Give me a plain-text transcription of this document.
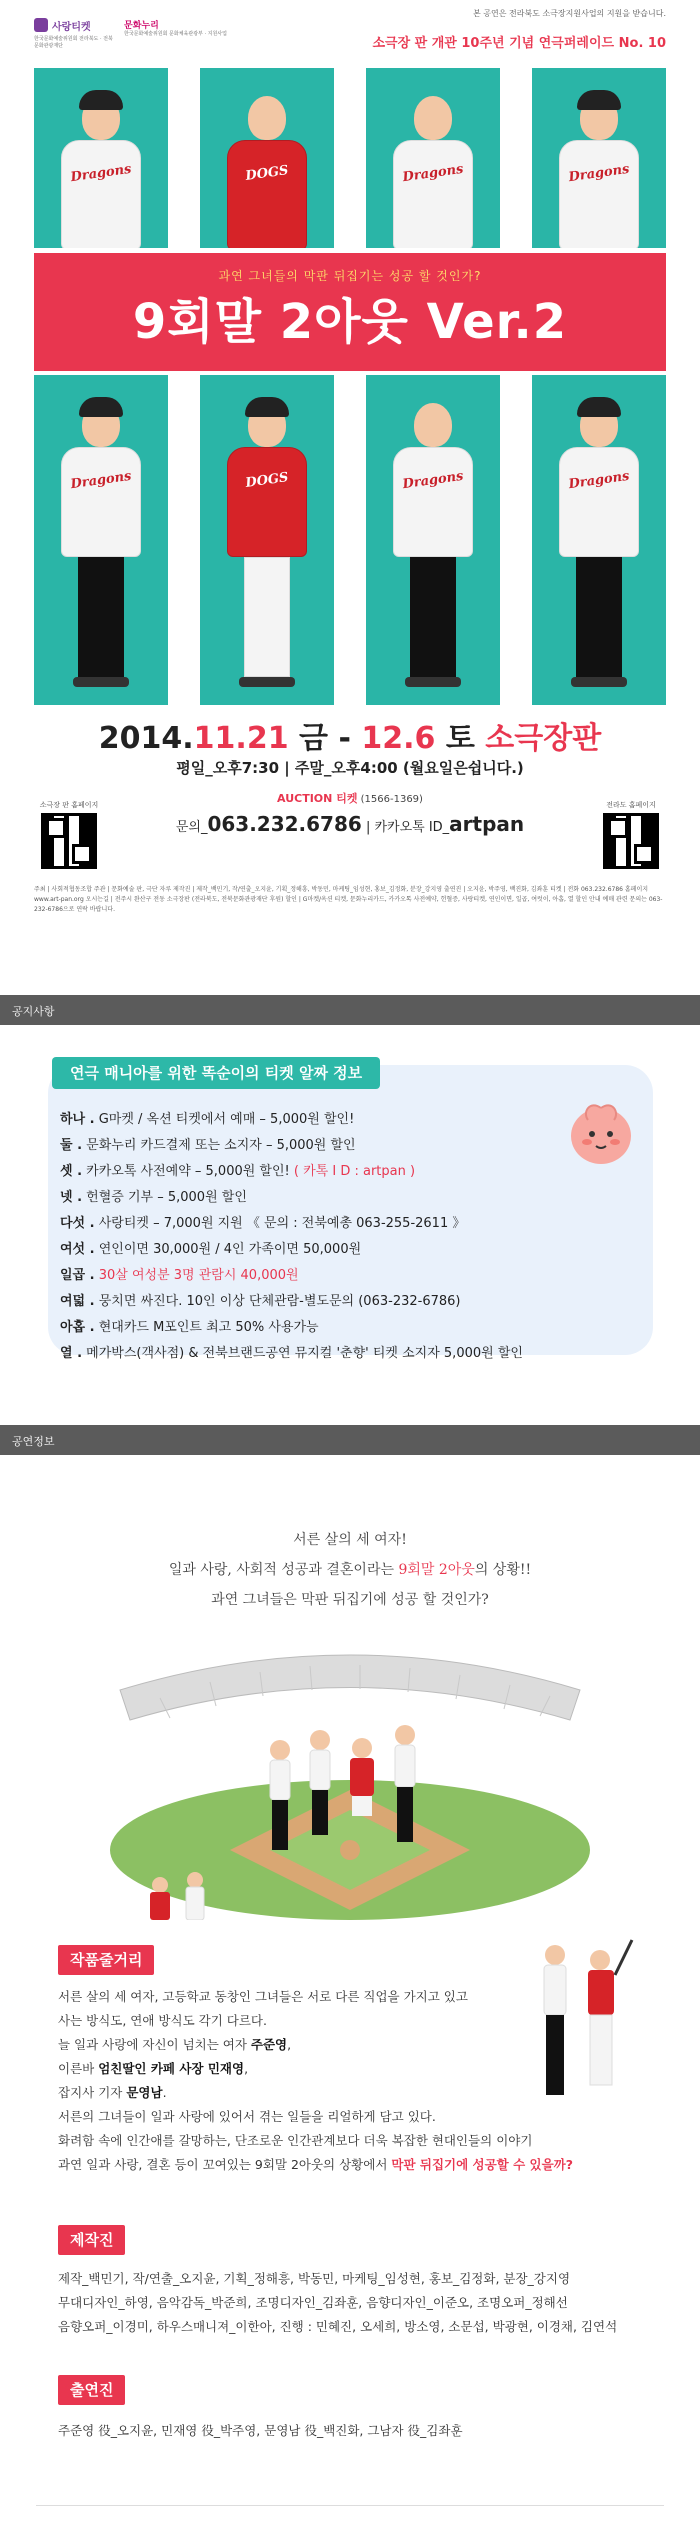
사랑티켓
한국문화예술위원회 전라북도 · 전북문화관광재단
문화누리
한국문화예술위원회 문화체육관광부 · 지원사업
본 공연은 전라북도 소극장지원사업의 지원을 받습니다.
소극장 판 개관 10주년 기념 연극퍼레이드 No. 10
Dragons	DOGS	Dragons	Dragons
과연 그녀들의 막판 뒤집기는 성공 할 것인가?
9회말 2아웃 Ver.2
Dragons	DOGS	Dragons	Dragons
2014.11.21 금 - 12.6 토 소극장판
평일_오후7:30 | 주말_오후4:00 (월요일은쉽니다.)
AUCTION 티켓 (1566-1369)
문의_063.232.6786 | 카카오톡 ID_artpan
소극장 판 홈페이지	전라도 홈페이지
주최 | 사회적협동조합 주관 | 문화예술 판, 극단 자루 제작진 | 제작_백민기, 작/연출_오지윤, 기획_정해흥, 박동민, 마케팅_임성현, 홍보_김정화, 분장_강지영 출연진 | 오지윤, 박주영, 백진화, 김좌훈 티켓 | 전화 063.232.6786 홈페이지 www.art-pan.org 오시는길 | 전주시 완산구 전동 소극장판 (전라북도, 전북문화관광재단 후원) 할인 | G마켓/옥션 티켓, 문화누리카드, 카카오톡 사전예약, 헌혈증, 사랑티켓, 연인이면, 일곱, 여럿이, 아홉, 열 할인 안내 예매 관련 문의는 063-232-6786으로 연락 바랍니다.
공지사항
연극 매니아를 위한 똑순이의 티켓 알짜 정보
하나 . G마켓 / 옥션 티켓에서 예매 – 5,000원 할인!
둘 . 문화누리 카드결제 또는 소지자 – 5,000원 할인
셋 . 카카오톡 사전예약 – 5,000원 할인! ( 카톡 I D : artpan )
넷 . 헌혈증 기부 – 5,000원 할인
다섯 . 사랑티켓 – 7,000원 지원 《 문의 : 전북예총 063-255-2611 》
여섯 . 연인이면 30,000원 / 4인 가족이면 50,000원
일곱 . 30살 여성분 3명 관람시 40,000원
여덟 . 뭉치면 싸진다. 10인 이상 단체관람-별도문의 (063-232-6786)
아홉 . 현대카드 M포인트 최고 50% 사용가능
열 . 메가박스(객사점) & 전북브랜드공연 뮤지컬 '춘향' 티켓 소지자 5,000원 할인
공연정보
서른 살의 세 여자!
일과 사랑, 사회적 성공과 결혼이라는 9회말 2아웃의 상황!!
과연 그녀들은 막판 뒤집기에 성공 할 것인가?
작품줄거리
서른 살의 세 여자, 고등학교 동창인 그녀들은 서로 다른 직업을 가지고 있고
사는 방식도, 연애 방식도 각기 다르다.
늘 일과 사랑에 자신이 넘치는 여자 주준영,
이른바 엄친딸인 카페 사장 민재영,
잡지사 기자 문영남.
서른의 그녀들이 일과 사랑에 있어서 겪는 일들을 리얼하게 담고 있다.
화려함 속에 인간애를 갈망하는, 단조로운 인간관계보다 더욱 복잡한 현대인들의 이야기
과연 일과 사랑, 결혼 등이 꼬여있는 9회말 2아웃의 상황에서 막판 뒤집기에 성공할 수 있을까?
제작진
제작_백민기, 작/연출_오지윤, 기획_정해흥, 박동민, 마케팅_임성현, 홍보_김정화, 분장_강지영
무대디자인_하영, 음악감독_박준희, 조명디자인_김좌훈, 음향디자인_이준오, 조명오퍼_정해선
음향오퍼_이경미, 하우스매니져_이한아, 진행 : 민혜진, 오세희, 방소영, 소문섭, 박광현, 이경채, 김연석
출연진
주준영 役_오지윤, 민재영 役_박주영, 문영남 役_백진화, 그남자 役_김좌훈
